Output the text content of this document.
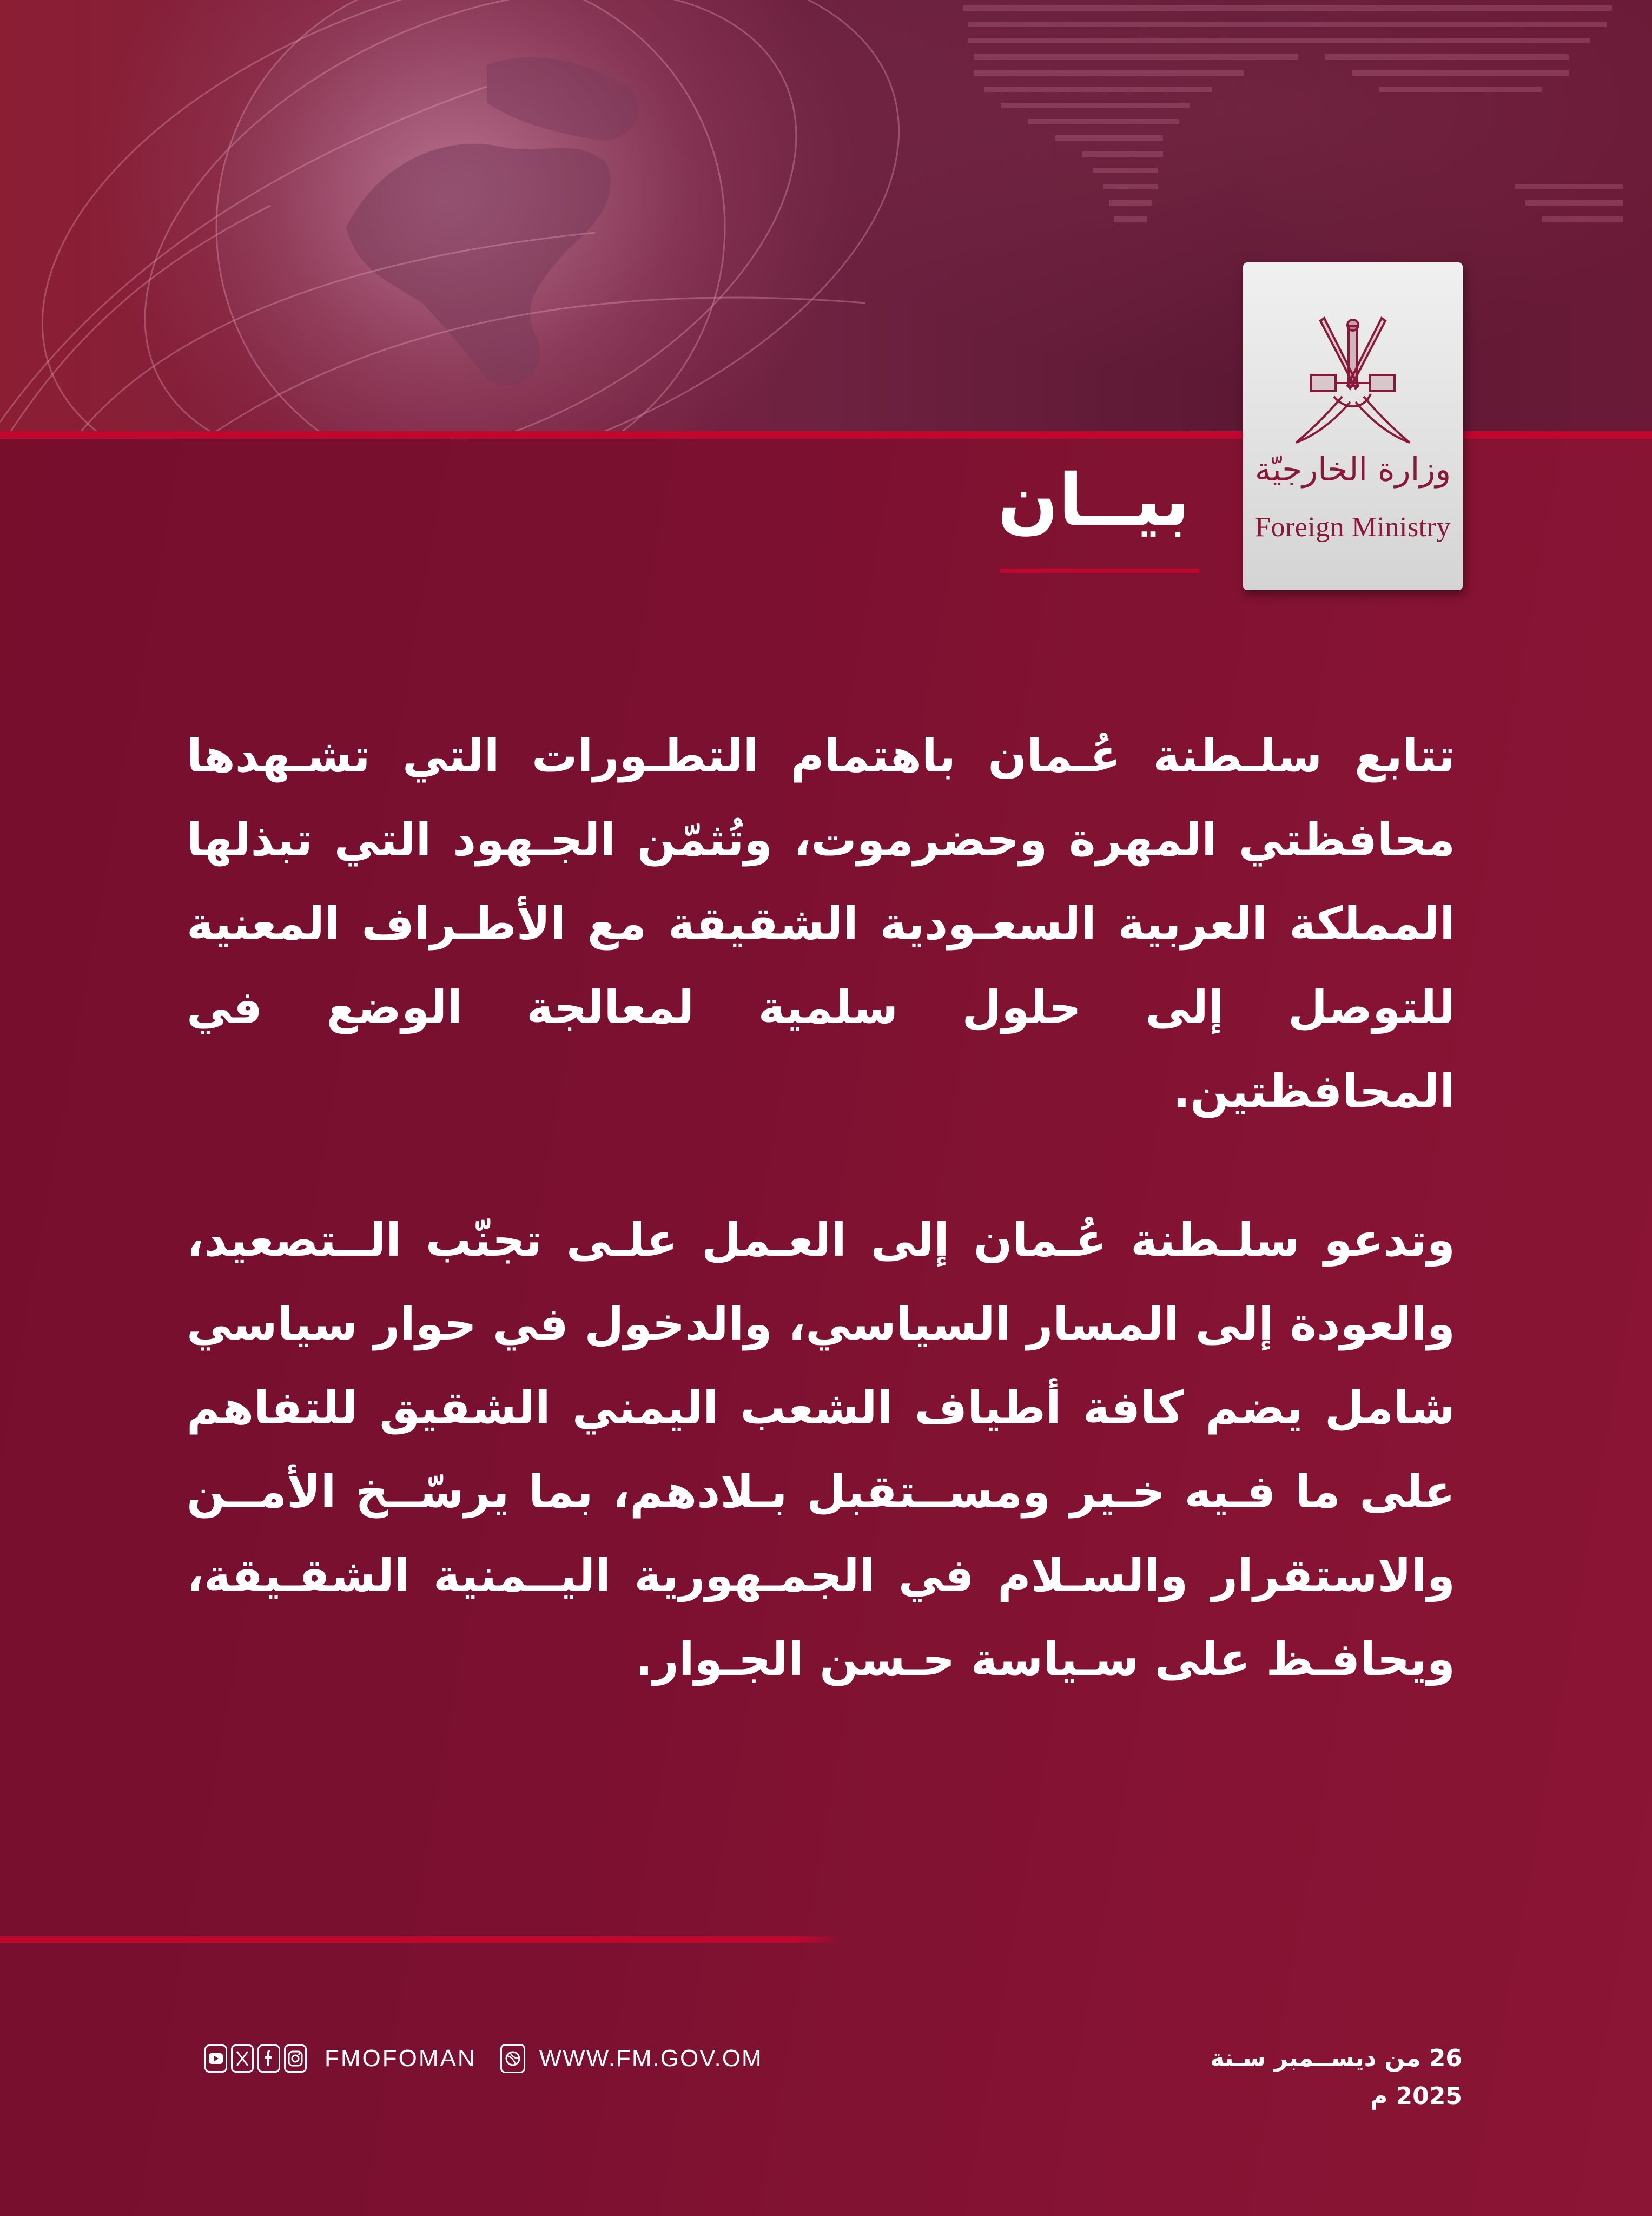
وزارة الخارجيّة
Foreign Ministry
بيــان
تتابع سلـطنة عُـمان باهتمام التطـورات التي تشـهدها محافظتي المهرة وحضرموت، وتُثمّن الجـهود التي تبذلها المملكة العربية السعـودية الشقيقة مع الأطـراف المعنية للتوصل إلى حلول سلمية لمعالجة الوضع في المحافظتين.
وتدعو سلـطنة عُـمان إلى العـمل علـى تجنّب الــتصعيد، والعودة إلى المسار السياسي، والدخول في حوار سياسي شامل يضم كافة أطياف الشعب اليمني الشقيق للتفاهم على ما فـيه خـير ومســتقبل بـلادهم، بما يرسّــخ الأمــن والاستقرار والسـلام في الجمـهورية اليــمنية الشقـيقة، ويحافـظ على سـياسة حـسن الجـوار.
FMOFOMAN	WWW.FM.GOV.OM	26 من ديســمبر سـنة 2025 م
